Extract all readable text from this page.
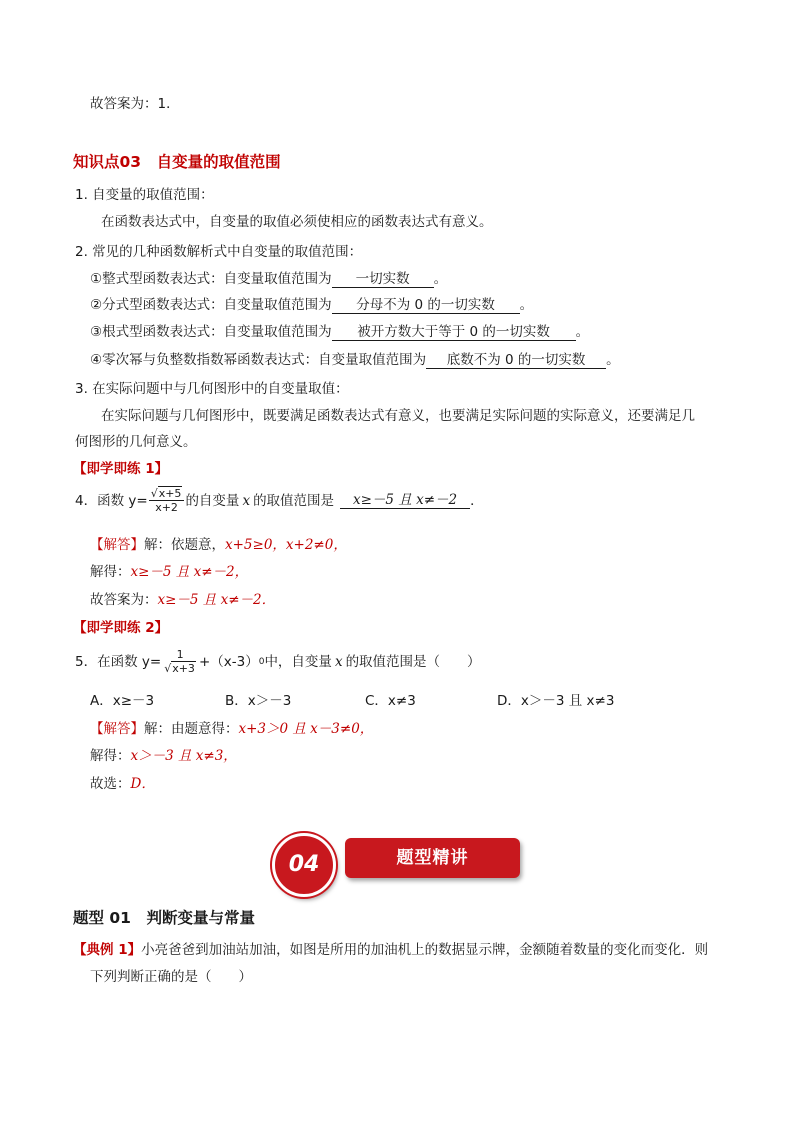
故答案为：1．
知识点03　自变量的取值范围
1. 自变量的取值范围：
在函数表达式中，自变量的取值必须使相应的函数表达式有意义。
2. 常见的几种函数解析式中自变量的取值范围：
①整式型函数表达式：自变量取值范围为 一切实数 。
②分式型函数表达式：自变量取值范围为 分母不为 0 的一切实数 。
③根式型函数表达式：自变量取值范围为 被开方数大于等于 0 的一切实数 。
④零次幂与负整数指数幂函数表达式：自变量取值范围为 底数不为 0 的一切实数 。
3. 在实际问题中与几何图形中的自变量取值：
在实际问题与几何图形中，既要满足函数表达式有意义，也要满足实际问题的实际意义，还要满足几
何图形的几何意义。
【即学即练 1】
4．函数 $y= \frac{√x+5}{x+2}$ 的自变量 x 的取值范围是	x≥－5 且 x≠－2 ．
【解答】解：依题意，x+5≥0，x+2≠0，
解得：x≥－5 且 x≠－2，
故答案为：x≥－5 且 x≠－2．
【即学即练 2】
5．在函数 $y= \frac{1}{√x+3} +(x-3)$ 0 中，自变量 x 的取值范围是（　　）
A．x≥－3	B．x＞－3	C．x≠3	D．x＞－3 且 x≠3
【解答】解：由题意得：x+3＞0 且 x－3≠0，
解得：x＞－3 且 x≠3，
故选：D．
题型精讲
04
题型 01　判断变量与常量
【典例 1】小亮爸爸到加油站加油，如图是所用的加油机上的数据显示牌，金额随着数量的变化而变化．则
下列判断正确的是（　　）
